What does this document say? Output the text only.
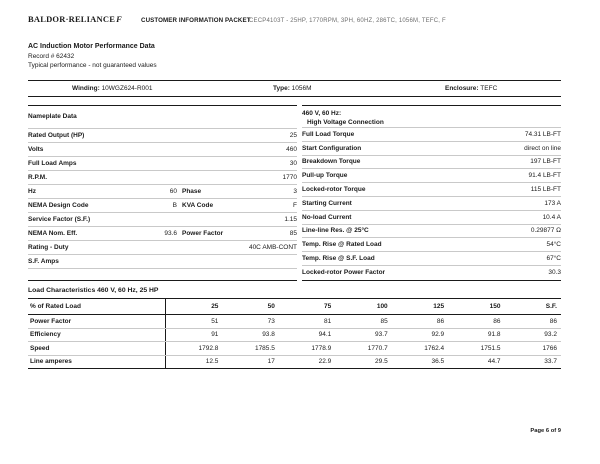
BALDOR·RELIANCEF	CUSTOMER INFORMATION PACKET
CECP4103T - 25HP, 1770RPM, 3PH, 60HZ, 286TC, 1056M, TEFC, F
AC Induction Motor Performance Data
Record # 62432
Typical performance - not guaranteed values
Winding: 10WGZ624-R001	Type: 1056M	Enclosure: TEFC
Nameplate Data
Rated Output (HP)	25
Volts	460
Full Load Amps	30
R.P.M.	1770
Hz	60 Phase	3
NEMA Design Code	B KVA Code	F
Service Factor (S.F.)	1.15
NEMA Nom. Eff.	93.6 Power Factor	85
Rating - Duty	40C AMB-CONT
S.F. Amps
460 V, 60 Hz:
High Voltage Connection
Full Load Torque	74.31 LB-FT
Start Configuration	direct on line
Breakdown Torque	197 LB-FT
Pull-up Torque	91.4 LB-FT
Locked-rotor Torque	115 LB-FT
Starting Current	173 A
No-load Current	10.4 A
Line-line Res. @ 25°C	0.29877 Ω
Temp. Rise @ Rated Load	54°C
Temp. Rise @ S.F. Load	67°C
Locked-rotor Power Factor	30.3
Load Characteristics 460 V, 60 Hz, 25 HP
% of Rated Load	25	50	75	100	125	150	S.F.
Power Factor	51	73	81	85	86	86	86
Efficiency	91	93.8	94.1	93.7	92.9	91.8	93.2
Speed	1792.8	1785.5	1778.9	1770.7	1762.4	1751.5	1766
Line amperes	12.5	17	22.9	29.5	36.5	44.7	33.7
Page 6 of 9
